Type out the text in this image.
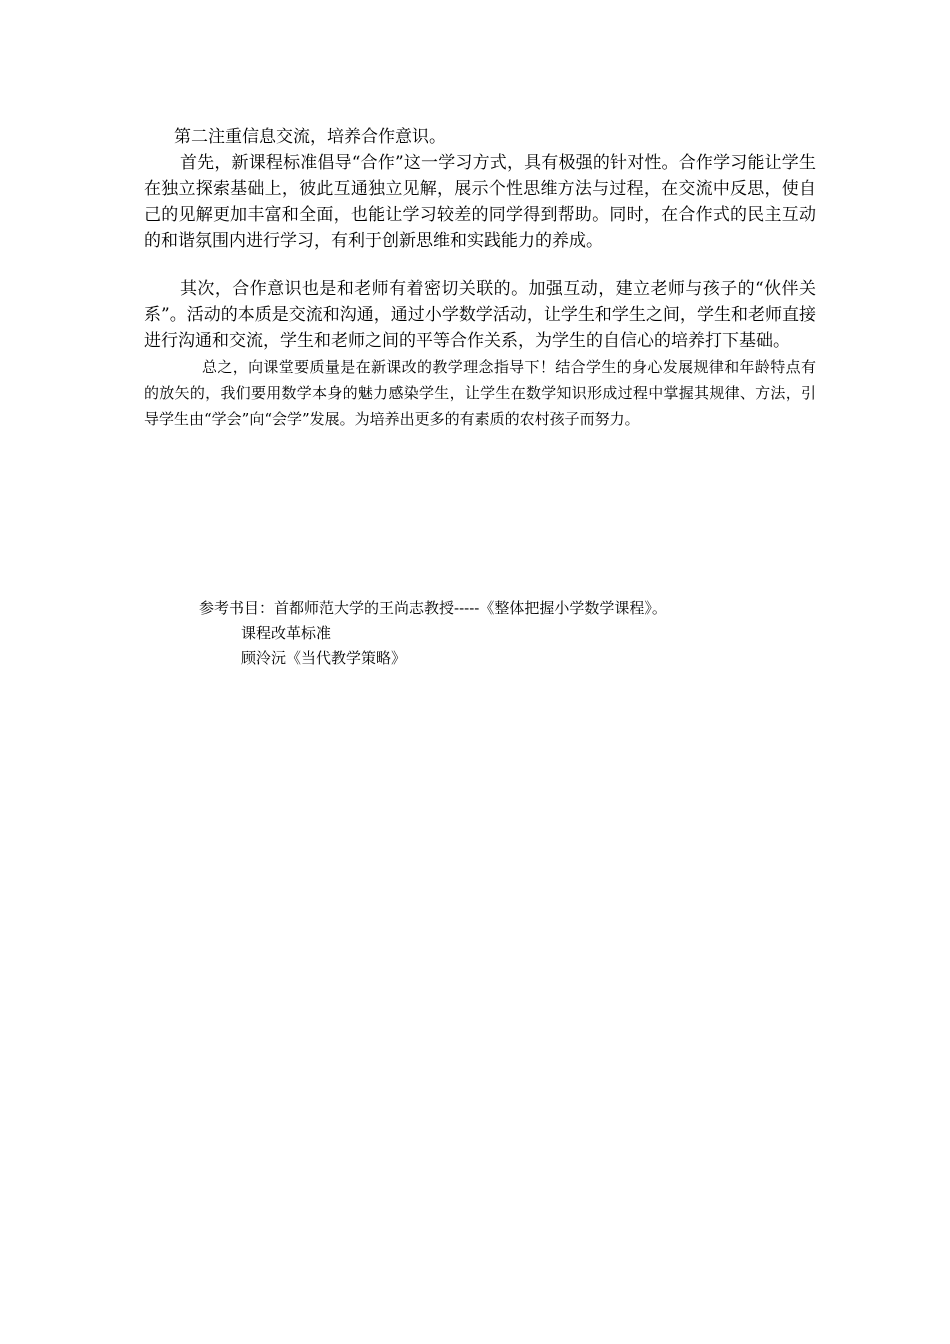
第二注重信息交流，培养合作意识。

首先，新课程标准倡导“合作”这一学习方式，具有极强的针对性。合作学习能让学生在独立探索基础上，彼此互通独立见解，展示个性思维方法与过程，在交流中反思，使自己的见解更加丰富和全面，也能让学习较差的同学得到帮助。同时，在合作式的民主互动的和谐氛围内进行学习，有利于创新思维和实践能力的养成。

其次，合作意识也是和老师有着密切关联的。加强互动，建立老师与孩子的“伙伴关系”。活动的本质是交流和沟通，通过小学数学活动，让学生和学生之间，学生和老师直接进行沟通和交流，学生和老师之间的平等合作关系，为学生的自信心的培养打下基础。

总之，向课堂要质量是在新课改的教学理念指导下！结合学生的身心发展规律和年龄特点有的放矢的，我们要用数学本身的魅力感染学生，让学生在数学知识形成过程中掌握其规律、方法，引导学生由“学会”向“会学”发展。为培养出更多的有素质的农村孩子而努力。

参考书目：首都师范大学的王尚志教授-----《整体把握小学数学课程》。

课程改革标准

顾泠沅《当代教学策略》
